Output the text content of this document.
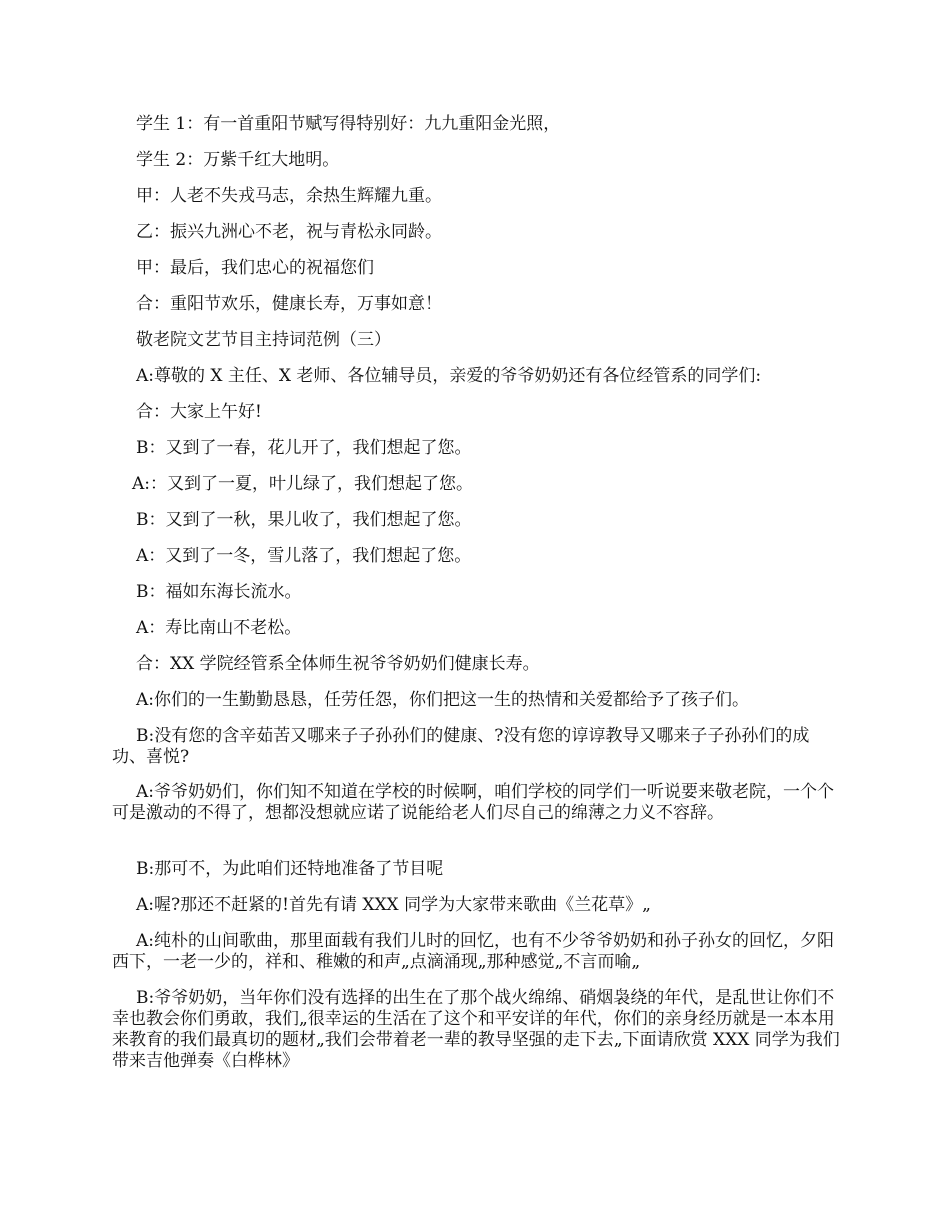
学生 1：有一首重阳节赋写得特别好：九九重阳金光照，

学生 2：万紫千红大地明。

甲：人老不失戎马志，余热生辉耀九重。

乙：振兴九洲心不老，祝与青松永同龄。

甲：最后，我们忠心的祝福您们

合：重阳节欢乐，健康长寿，万事如意！

敬老院文艺节目主持词范例（三）

A:尊敬的 X 主任、X 老师、各位辅导员，亲爱的爷爷奶奶还有各位经管系的同学们:

合：大家上午好!

B：又到了一春，花儿开了，我们想起了您。

A:：又到了一夏，叶儿绿了，我们想起了您。

B：又到了一秋，果儿收了，我们想起了您。

A：又到了一冬，雪儿落了，我们想起了您。

B：福如东海长流水。

A：寿比南山不老松。

合：XX 学院经管系全体师生祝爷爷奶奶们健康长寿。

A:你们的一生勤勤恳恳，任劳任怨，你们把这一生的热情和关爱都给予了孩子们。

B:没有您的含辛茹苦又哪来子子孙孙们的健康、?没有您的谆谆教导又哪来子子孙孙们的成功、喜悦?

A:爷爷奶奶们，你们知不知道在学校的时候啊，咱们学校的同学们一听说要来敬老院，一个个可是激动的不得了，想都没想就应诺了说能给老人们尽自己的绵薄之力义不容辞。

B:那可不，为此咱们还特地准备了节目呢

A:喔?那还不赶紧的!首先有请 XXX 同学为大家带来歌曲《兰花草》„

A:纯朴的山间歌曲，那里面载有我们儿时的回忆，也有不少爷爷奶奶和孙子孙女的回忆，夕阳西下，一老一少的，祥和、稚嫩的和声„点滴涌现„那种感觉„不言而喻„

B:爷爷奶奶，当年你们没有选择的出生在了那个战火绵绵、硝烟袅绕的年代，是乱世让你们不幸也教会你们勇敢，我们„很幸运的生活在了这个和平安详的年代，你们的亲身经历就是一本本用来教育的我们最真切的题材„我们会带着老一辈的教导坚强的走下去„下面请欣赏 XXX 同学为我们带来吉他弹奏《白桦林》
